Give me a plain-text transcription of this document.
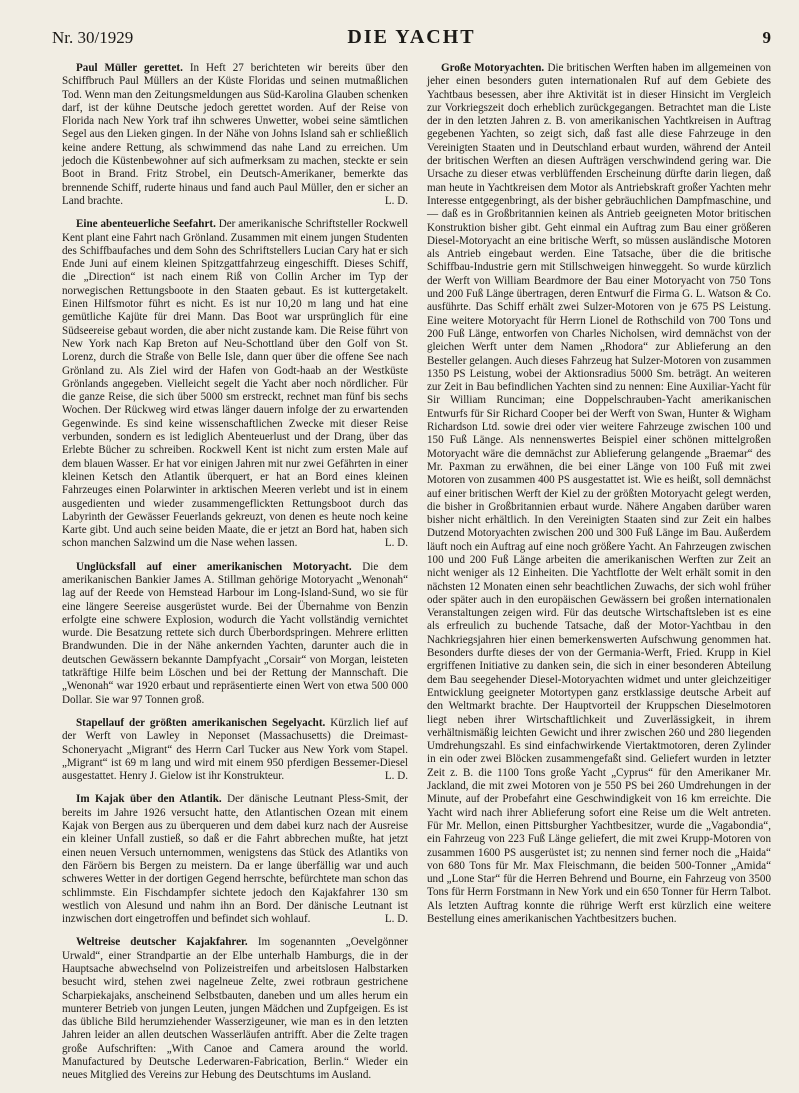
Nr. 30/1929	DIE YACHT	9

Paul Müller gerettet. In Heft 27 berichteten wir bereits über den Schiffbruch Paul Müllers an der Küste Floridas und seinen mutmaßlichen Tod. Wenn man den Zeitungsmeldungen aus Süd-Karolina Glauben schenken darf, ist der kühne Deutsche jedoch gerettet worden. Auf der Reise von Florida nach New York traf ihn schweres Unwetter, wobei seine sämtlichen Segel aus den Lieken gingen. In der Nähe von Johns Island sah er schließlich keine andere Rettung, als schwimmend das nahe Land zu erreichen. Um jedoch die Küstenbewohner auf sich aufmerksam zu machen, steckte er sein Boot in Brand. Fritz Strobel, ein Deutsch-Amerikaner, bemerkte das brennende Schiff, ruderte hinaus und fand auch Paul Müller, den er sicher an Land brachte.	L. D.

Eine abenteuerliche Seefahrt. Der amerikanische Schriftsteller Rockwell Kent plant eine Fahrt nach Grönland. Zusammen mit einem jungen Studenten des Schiffbaufaches und dem Sohn des Schriftstellers Lucian Cary hat er sich Ende Juni auf einem kleinen Spitzgattfahrzeug eingeschifft. Dieses Schiff, die „Direction“ ist nach einem Riß von Collin Archer im Typ der norwegischen Rettungsboote in den Staaten gebaut. Es ist kuttergetakelt. Einen Hilfsmotor führt es nicht. Es ist nur 10,20 m lang und hat eine gemütliche Kajüte für drei Mann. Das Boot war ursprünglich für eine Südseereise gebaut worden, die aber nicht zustande kam. Die Reise führt von New York nach Kap Breton auf Neu-Schottland über den Golf von St. Lorenz, durch die Straße von Belle Isle, dann quer über die offene See nach Grönland zu. Als Ziel wird der Hafen von Godt-haab an der Westküste Grönlands angegeben. Vielleicht segelt die Yacht aber noch nördlicher. Für die ganze Reise, die sich über 5000 sm erstreckt, rechnet man fünf bis sechs Wochen. Der Rückweg wird etwas länger dauern infolge der zu erwartenden Gegenwinde. Es sind keine wissenschaftlichen Zwecke mit dieser Reise verbunden, sondern es ist lediglich Abenteuerlust und der Drang, über das Erlebte Bücher zu schreiben. Rockwell Kent ist nicht zum ersten Male auf dem blauen Wasser. Er hat vor einigen Jahren mit nur zwei Gefährten in einer kleinen Ketsch den Atlantik überquert, er hat an Bord eines kleinen Fahrzeuges einen Polarwinter in arktischen Meeren verlebt und ist in einem ausgedienten und wieder zusammengeflickten Rettungsboot durch das Labyrinth der Gewässer Feuerlands gekreuzt, von denen es heute noch keine Karte gibt. Und auch seine beiden Maate, die er jetzt an Bord hat, haben sich schon manchen Salzwind um die Nase wehen lassen.	L. D.

Unglücksfall auf einer amerikanischen Motoryacht. Die dem amerikanischen Bankier James A. Stillman gehörige Motoryacht „Wenonah“ lag auf der Reede von Hemstead Harbour im Long-Island-Sund, wo sie für eine längere Seereise ausgerüstet wurde. Bei der Übernahme von Benzin erfolgte eine schwere Explosion, wodurch die Yacht vollständig vernichtet wurde. Die Besatzung rettete sich durch Überbordspringen. Mehrere erlitten Brandwunden. Die in der Nähe ankernden Yachten, darunter auch die in deutschen Gewässern bekannte Dampfyacht „Corsair“ von Morgan, leisteten tatkräftige Hilfe beim Löschen und bei der Rettung der Mannschaft. Die „Wenonah“ war 1920 erbaut und repräsentierte einen Wert von etwa 500 000 Dollar. Sie war 97 Tonnen groß.

Stapellauf der größten amerikanischen Segelyacht. Kürzlich lief auf der Werft von Lawley in Neponset (Massachusetts) die Dreimast-Schoneryacht „Migrant“ des Herrn Carl Tucker aus New York vom Stapel. „Migrant“ ist 69 m lang und wird mit einem 950 pferdigen Bessemer-Diesel ausgestattet. Henry J. Gielow ist ihr Konstrukteur.	L. D.

Im Kajak über den Atlantik. Der dänische Leutnant Pless-Smit, der bereits im Jahre 1926 versucht hatte, den Atlantischen Ozean mit einem Kajak von Bergen aus zu überqueren und dem dabei kurz nach der Ausreise ein kleiner Unfall zustieß, so daß er die Fahrt abbrechen mußte, hat jetzt einen neuen Versuch unternommen, wenigstens das Stück des Atlantiks von den Färöern bis Bergen zu meistern. Da er lange überfällig war und auch schweres Wetter in der dortigen Gegend herrschte, befürchtete man schon das schlimmste. Ein Fischdampfer sichtete jedoch den Kajakfahrer 130 sm westlich von Alesund und nahm ihn an Bord. Der dänische Leutnant ist inzwischen dort eingetroffen und befindet sich wohlauf.	L. D.

Weltreise deutscher Kajakfahrer. Im sogenannten „Oevelgönner Urwald“, einer Strandpartie an der Elbe unterhalb Hamburgs, die in der Hauptsache abwechselnd von Polizeistreifen und arbeitslosen Halbstarken besucht wird, stehen zwei nagelneue Zelte, zwei rotbraun gestrichene Scharpiekajaks, anscheinend Selbstbauten, daneben und um alles herum ein munterer Betrieb von jungen Leuten, jungen Mädchen und Zupfgeigen. Es ist das übliche Bild herumziehender Wasserzigeuner, wie man es in den letzten Jahren leider an allen deutschen Wasserläufen antrifft. Aber die Zelte tragen große Aufschriften: „With Canoe and Camera around the world. Manufactured by Deutsche Lederwaren-Fabrication, Berlin.“ Wieder ein neues Mitglied des Vereins zur Hebung des Deutschtums im Ausland.

Große Motoryachten. Die britischen Werften haben im allgemeinen von jeher einen besonders guten internationalen Ruf auf dem Gebiete des Yachtbaus besessen, aber ihre Aktivität ist in dieser Hinsicht im Vergleich zur Vorkriegszeit doch erheblich zurückgegangen. Betrachtet man die Liste der in den letzten Jahren z. B. von amerikanischen Yachtkreisen in Auftrag gegebenen Yachten, so zeigt sich, daß fast alle diese Fahrzeuge in den Vereinigten Staaten und in Deutschland erbaut wurden, während der Anteil der britischen Werften an diesen Aufträgen verschwindend gering war. Die Ursache zu dieser etwas verblüffenden Erscheinung dürfte darin liegen, daß man heute in Yachtkreisen dem Motor als Antriebskraft großer Yachten mehr Interesse entgegenbringt, als der bisher gebräuchlichen Dampfmaschine, und — daß es in Großbritannien keinen als Antrieb geeigneten Motor britischen Konstruktion bisher gibt. Geht einmal ein Auftrag zum Bau einer größeren Diesel-Motoryacht an eine britische Werft, so müssen ausländische Motoren als Antrieb eingebaut werden. Eine Tatsache, über die die britische Schiffbau-Industrie gern mit Stillschweigen hinweggeht. So wurde kürzlich der Werft von William Beardmore der Bau einer Motoryacht von 750 Tons und 200 Fuß Länge übertragen, deren Entwurf die Firma G. L. Watson & Co. ausführte. Das Schiff erhält zwei Sulzer-Motoren von je 675 PS Leistung. Eine weitere Motoryacht für Herrn Lionel de Rothschild von 700 Tons und 200 Fuß Länge, entworfen von Charles Nicholsen, wird demnächst von der gleichen Werft unter dem Namen „Rhodora“ zur Ablieferung an den Besteller gelangen. Auch dieses Fahrzeug hat Sulzer-Motoren von zusammen 1350 PS Leistung, wobei der Aktionsradius 5000 Sm. beträgt. An weiteren zur Zeit in Bau befindlichen Yachten sind zu nennen: Eine Auxiliar-Yacht für Sir William Runciman; eine Doppelschrauben-Yacht amerikanischen Entwurfs für Sir Richard Cooper bei der Werft von Swan, Hunter & Wigham Richardson Ltd. sowie drei oder vier weitere Fahrzeuge zwischen 100 und 150 Fuß Länge. Als nennenswertes Beispiel einer schönen mittelgroßen Motoryacht wäre die demnächst zur Ablieferung gelangende „Braemar“ des Mr. Paxman zu erwähnen, die bei einer Länge von 100 Fuß mit zwei Motoren von zusammen 400 PS ausgestattet ist. Wie es heißt, soll demnächst auf einer britischen Werft der Kiel zu der größten Motoryacht gelegt werden, die bisher in Großbritannien erbaut wurde. Nähere Angaben darüber waren bisher nicht erhältlich. In den Vereinigten Staaten sind zur Zeit ein halbes Dutzend Motoryachten zwischen 200 und 300 Fuß Länge im Bau. Außerdem läuft noch ein Auftrag auf eine noch größere Yacht. An Fahrzeugen zwischen 100 und 200 Fuß Länge arbeiten die amerikanischen Werften zur Zeit an nicht weniger als 12 Einheiten. Die Yachtflotte der Welt erhält somit in den nächsten 12 Monaten einen sehr beachtlichen Zuwachs, der sich wohl früher oder später auch in den europäischen Gewässern bei großen internationalen Veranstaltungen zeigen wird. Für das deutsche Wirtschaftsleben ist es eine als erfreulich zu buchende Tatsache, daß der Motor-Yachtbau in den Nachkriegsjahren hier einen bemerkenswerten Aufschwung genommen hat. Besonders durfte dieses der von der Germania-Werft, Fried. Krupp in Kiel ergriffenen Initiative zu danken sein, die sich in einer besonderen Abteilung dem Bau seegehender Diesel-Motoryachten widmet und unter gleichzeitiger Entwicklung geeigneter Motortypen ganz erstklassige deutsche Arbeit auf den Weltmarkt brachte. Der Hauptvorteil der Kruppschen Dieselmotoren liegt neben ihrer Wirtschaftlichkeit und Zuverlässigkeit, in ihrem verhältnismäßig leichten Gewicht und ihrer zwischen 260 und 280 liegenden Umdrehungszahl. Es sind einfachwirkende Viertaktmotoren, deren Zylinder in ein oder zwei Blöcken zusammengefaßt sind. Geliefert wurden in letzter Zeit z. B. die 1100 Tons große Yacht „Cyprus“ für den Amerikaner Mr. Jackland, die mit zwei Motoren von je 550 PS bei 260 Umdrehungen in der Minute, auf der Probefahrt eine Geschwindigkeit von 16 km erreichte. Die Yacht wird nach ihrer Ablieferung sofort eine Reise um die Welt antreten. Für Mr. Mellon, einen Pittsburgher Yachtbesitzer, wurde die „Vagabondia“, ein Fahrzeug von 223 Fuß Länge geliefert, die mit zwei Krupp-Motoren von zusammen 1600 PS ausgerüstet ist; zu nennen sind ferner noch die „Haida“ von 680 Tons für Mr. Max Fleischmann, die beiden 500-Tonner „Amida“ und „Lone Star“ für die Herren Behrend und Bourne, ein Fahrzeug von 3500 Tons für Herrn Forstmann in New York und ein 650 Tonner für Herrn Talbot. Als letzten Auftrag konnte die rührige Werft erst kürzlich eine weitere Bestellung eines amerikanischen Yachtbesitzers buchen.
